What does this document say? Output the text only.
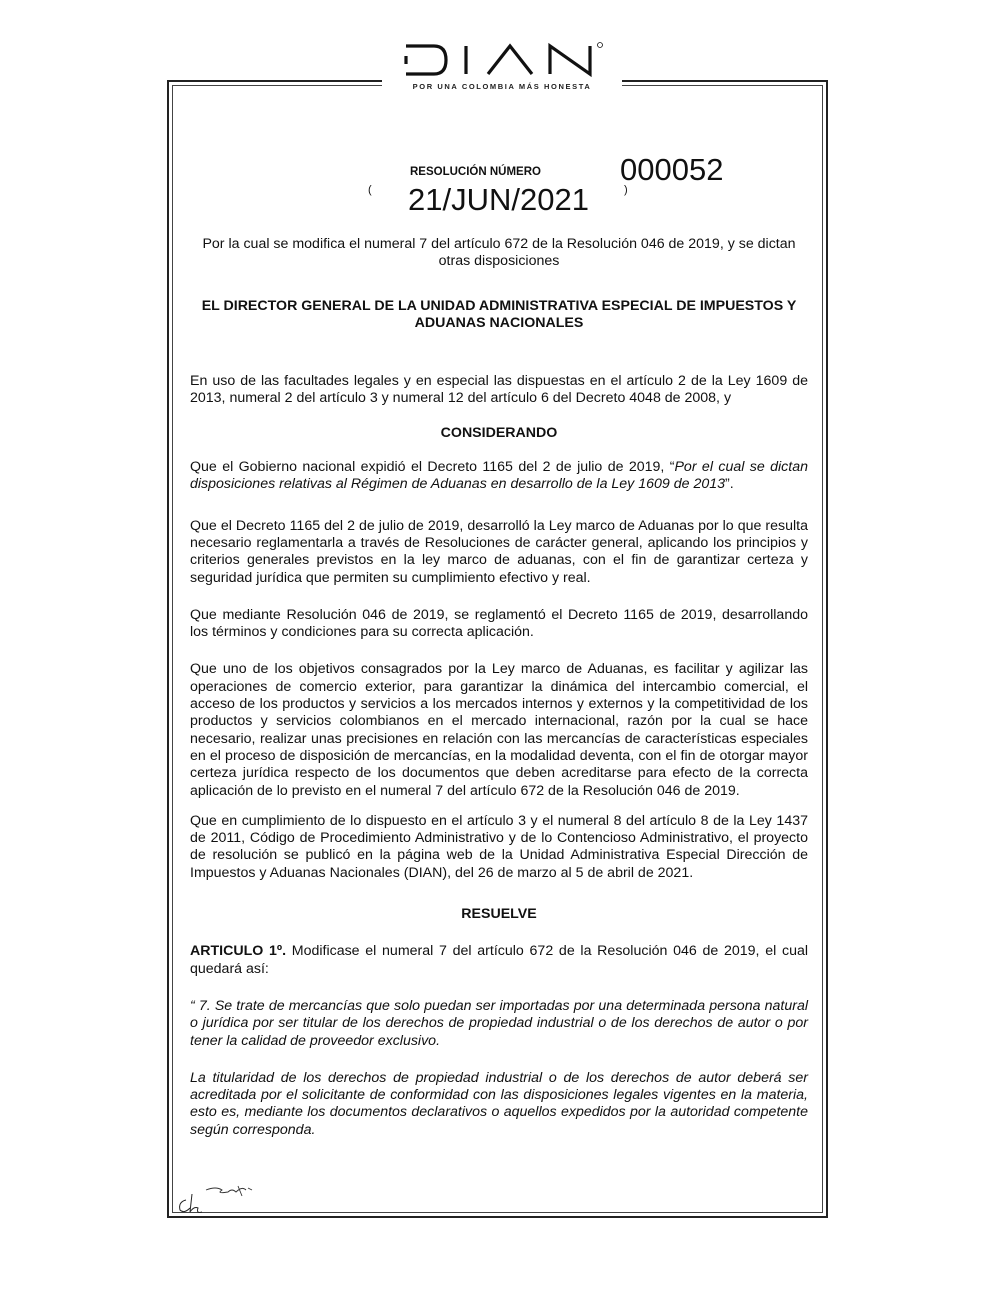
POR UNA COLOMBIA MÁS HONESTA
RESOLUCIÓN NÚMERO	000052
( 21/JUN/2021	)

Por la cual se modifica el numeral 7 del artículo 672 de la Resolución 046 de 2019, y se dictan otras disposiciones

EL DIRECTOR GENERAL DE LA UNIDAD ADMINISTRATIVA ESPECIAL DE IMPUESTOS Y ADUANAS NACIONALES

En uso de las facultades legales y en especial las dispuestas en el artículo 2 de la Ley 1609 de 2013, numeral 2 del artículo 3 y numeral 12 del artículo 6 del Decreto 4048 de 2008, y

CONSIDERANDO

Que el Gobierno nacional expidió el Decreto 1165 del 2 de julio de 2019, “Por el cual se dictan disposiciones relativas al Régimen de Aduanas en desarrollo de la Ley 1609 de 2013”.

Que el Decreto 1165 del 2 de julio de 2019, desarrolló la Ley marco de Aduanas por lo que resulta necesario reglamentarla a través de Resoluciones de carácter general, aplicando los principios y criterios generales previstos en la ley marco de aduanas, con el fin de garantizar certeza y seguridad jurídica que permiten su cumplimiento efectivo y real.

Que mediante Resolución 046 de 2019, se reglamentó el Decreto 1165 de 2019, desarrollando los términos y condiciones para su correcta aplicación.

Que uno de los objetivos consagrados por la Ley marco de Aduanas, es facilitar y agilizar las operaciones de comercio exterior, para garantizar la dinámica del intercambio comercial, el acceso de los productos y servicios a los mercados internos y externos y la competitividad de los productos y servicios colombianos en el mercado internacional, razón por la cual se hace necesario, realizar unas precisiones en relación con las mercancías de características especiales en el proceso de disposición de mercancías, en la modalidad deventa, con el fin de otorgar mayor certeza jurídica respecto de los documentos que deben acreditarse para efecto de la correcta aplicación de lo previsto en el numeral 7 del artículo 672 de la Resolución 046 de 2019.

Que en cumplimiento de lo dispuesto en el artículo 3 y el numeral 8 del artículo 8 de la Ley 1437 de 2011, Código de Procedimiento Administrativo y de lo Contencioso Administrativo, el proyecto de resolución se publicó en la página web de la Unidad Administrativa Especial Dirección de Impuestos y Aduanas Nacionales (DIAN), del 26 de marzo al 5 de abril de 2021.

RESUELVE

ARTICULO 1º. Modificase el numeral 7 del artículo 672 de la Resolución 046 de 2019, el cual quedará así:

“ 7. Se trate de mercancías que solo puedan ser importadas por una determinada persona natural o jurídica por ser titular de los derechos de propiedad industrial o de los derechos de autor o por tener la calidad de proveedor exclusivo.

La titularidad de los derechos de propiedad industrial o de los derechos de autor deberá ser acreditada por el solicitante de conformidad con las disposiciones legales vigentes en la materia, esto es, mediante los documentos declarativos o aquellos expedidos por la autoridad competente según corresponda.
